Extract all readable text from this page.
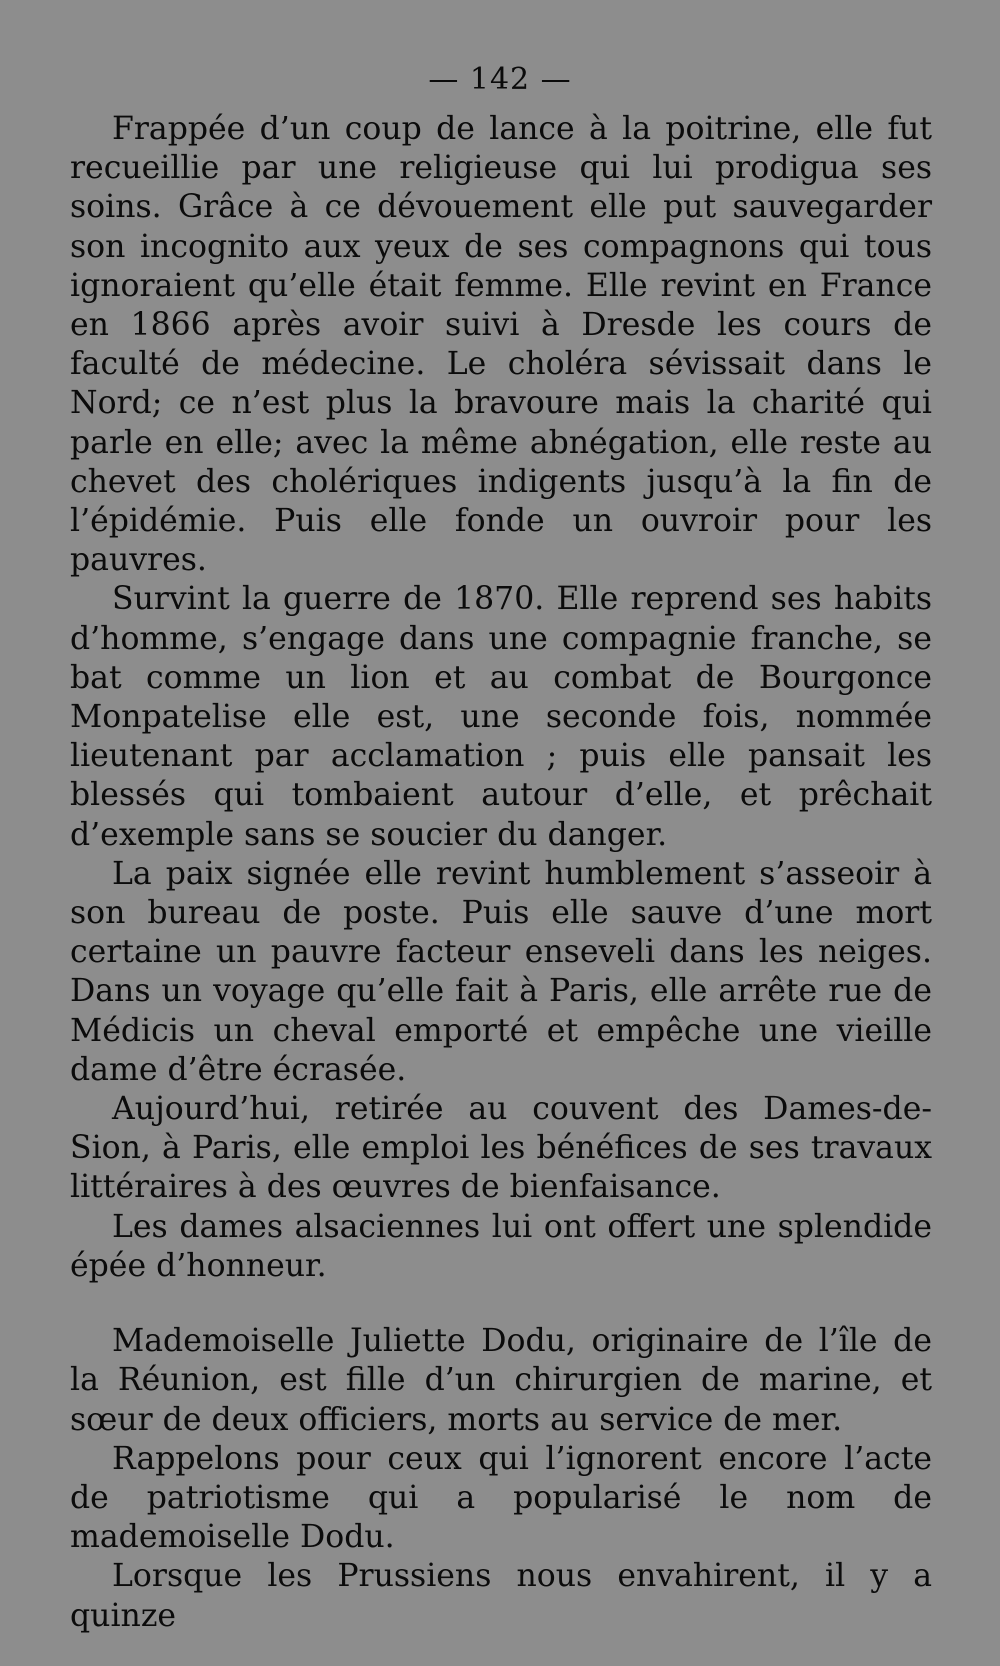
— 142 —

Frappée d’un coup de lance à la poitrine, elle fut recueillie par une religieuse qui lui prodigua ses soins. Grâce à ce dévouement elle put sauvegarder son incognito aux yeux de ses compagnons qui tous ignoraient qu’elle était femme. Elle revint en France en 1866 après avoir suivi à Dresde les cours de faculté de médecine. Le choléra sévissait dans le Nord; ce n’est plus la bravoure mais la charité qui parle en elle; avec la même abnégation, elle reste au chevet des cholériques indigents jusqu’à la fin de l’épidémie. Puis elle fonde un ouvroir pour les pauvres.

Survint la guerre de 1870. Elle reprend ses habits d’homme, s’engage dans une compagnie franche, se bat comme un lion et au combat de Bourgonce Monpatelise elle est, une seconde fois, nommée lieutenant par acclamation ; puis elle pansait les blessés qui tombaient autour d’elle, et prêchait d’exemple sans se soucier du danger.

La paix signée elle revint humblement s’asseoir à son bureau de poste. Puis elle sauve d’une mort certaine un pauvre facteur enseveli dans les neiges. Dans un voyage qu’elle fait à Paris, elle arrête rue de Médicis un cheval emporté et empêche une vieille dame d’être écrasée.

Aujourd’hui, retirée au couvent des Dames-de-Sion, à Paris, elle emploi les bénéfices de ses travaux littéraires à des œuvres de bienfaisance.

Les dames alsaciennes lui ont offert une splendide épée d’honneur.

Mademoiselle Juliette Dodu, originaire de l’île de la Réunion, est fille d’un chirurgien de marine, et sœur de deux officiers, morts au service de mer.

Rappelons pour ceux qui l’ignorent encore l’acte de patriotisme qui a popularisé le nom de mademoiselle Dodu.

Lorsque les Prussiens nous envahirent, il y a quinze
